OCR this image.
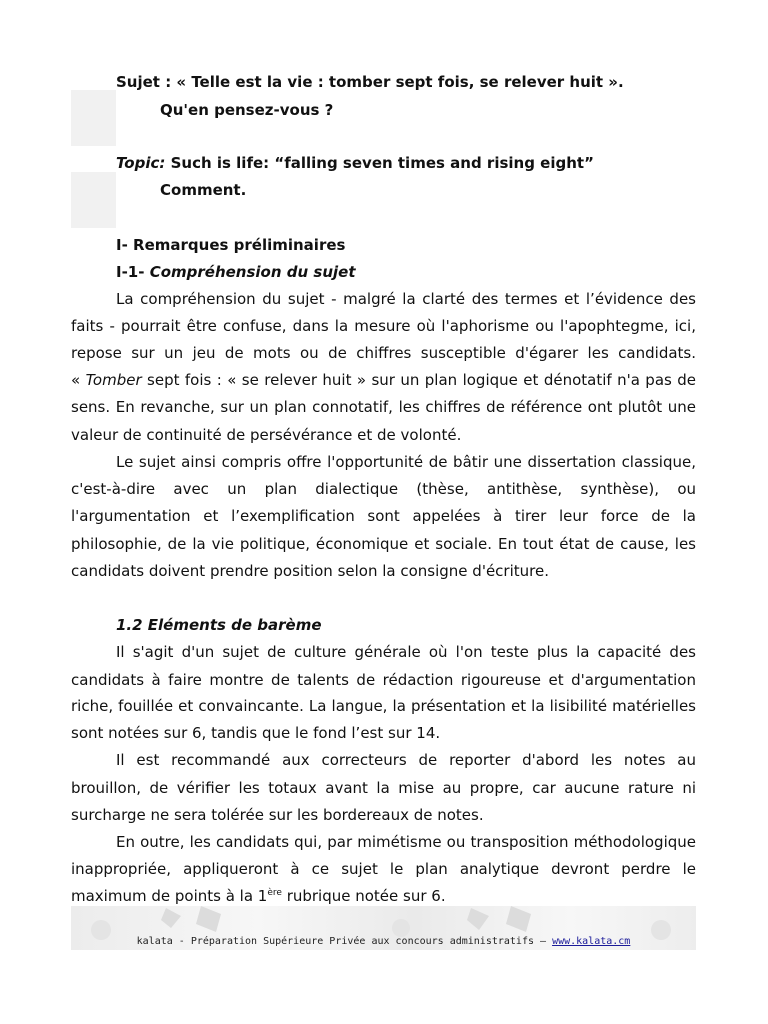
Sujet : « Telle est la vie : tomber sept fois, se relever huit ».

Qu'en pensez-vous ?

Topic: Such is life: “falling seven times and rising eight”

Comment.

I- Remarques préliminaires

I-1- Compréhension du sujet

La compréhension du sujet - malgré la clarté des termes et l’évidence des

faits - pourrait être confuse, dans la mesure où l'aphorisme ou l'apophtegme, ici,

repose sur un jeu de mots ou de chiffres susceptible d'égarer les candidats.

« Tomber sept fois : « se relever huit » sur un plan logique et dénotatif n'a pas de

sens. En revanche, sur un plan connotatif, les chiffres de référence ont plutôt une

valeur de continuité de persévérance et de volonté.

Le sujet ainsi compris offre l'opportunité de bâtir une dissertation classique,

c'est-à-dire avec un plan dialectique (thèse, antithèse, synthèse), ou

l'argumentation et l’exemplification sont appelées à tirer leur force de la

philosophie, de la vie politique, économique et sociale. En tout état de cause, les

candidats doivent prendre position selon la consigne d'écriture.

1.2 Eléments de barème

Il s'agit d'un sujet de culture générale où l'on teste plus la capacité des

candidats à faire montre de talents de rédaction rigoureuse et d'argumentation

riche, fouillée et convaincante. La langue, la présentation et la lisibilité matérielles

sont notées sur 6, tandis que le fond l’est sur 14.

Il est recommandé aux correcteurs de reporter d'abord les notes au

brouillon, de vérifier les totaux avant la mise au propre, car aucune rature ni

surcharge ne sera tolérée sur les bordereaux de notes.

En outre, les candidats qui, par mimétisme ou transposition méthodologique

inappropriée, appliqueront à ce sujet le plan analytique devront perdre le

maximum de points à la 1ère rubrique notée sur 6.

kalata - Préparation Supérieure Privée aux concours administratifs – www.kalata.cm
